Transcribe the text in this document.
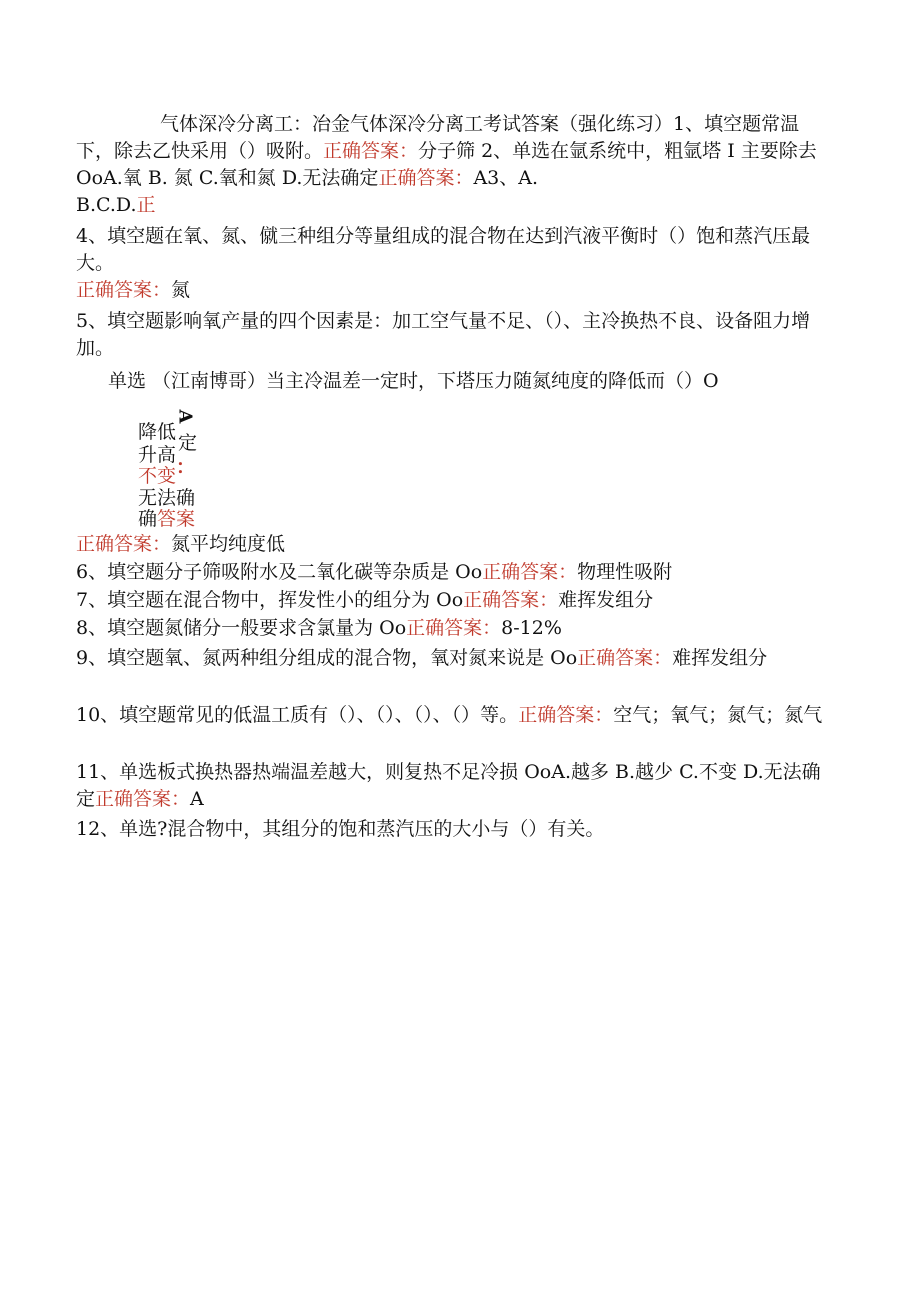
气体深冷分离工：冶金气体深冷分离工考试答案（强化练习）1、填空题常温下，除去乙快采用（）吸附。正确答案：分子筛 2、单选在氩系统中，粗氩塔 I 主要除去 OoA.氧 B. 氮 C.氧和氮 D.无法确定正确答案：A3、A.
B.C.D.正

4、填空题在氧、氮、僦三种组分等量组成的混合物在达到汽液平衡时（）饱和蒸汽压最大。
正确答案：氮

5、填空题影响氧产量的四个因素是：加工空气量不足、（）、主冷换热不良、设备阻力增加。

单选 （江南博哥）当主冷温差一定时，下塔压力随氮纯度的降低而（）O
降低
升高
不变
无法确
确答案
A
定
：
正确答案：氮平均纯度低
6、填空题分子筛吸附水及二氧化碳等杂质是 Oo正确答案：物理性吸附
7、填空题在混合物中，挥发性小的组分为 Oo正确答案：难挥发组分
8、填空题氮储分一般要求含氯量为 Oo正确答案：8-12%

9、填空题氧、氮两种组分组成的混合物，氧对氮来说是 Oo正确答案：难挥发组分

10、填空题常见的低温工质有（）、（）、（）、（）等。正确答案：空气；氧气；氮气；氮气

11、单选板式换热器热端温差越大，则复热不足冷损 OoA.越多 B.越少 C.不变 D.无法确定正确答案：A

12、单选?混合物中，其组分的饱和蒸汽压的大小与（）有关。
